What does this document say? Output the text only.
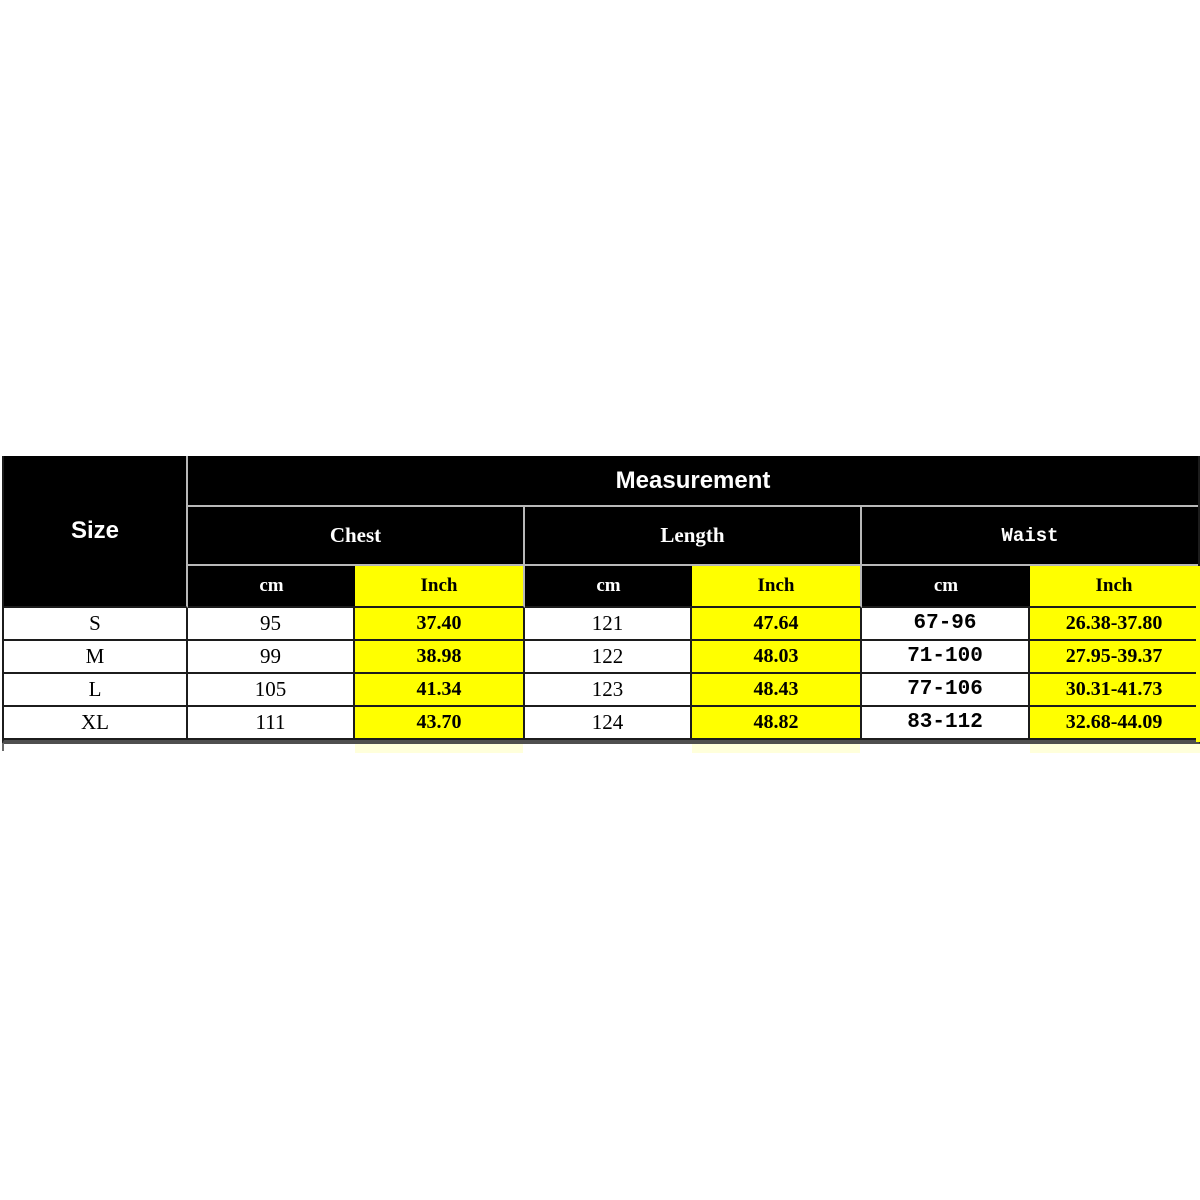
Size	Measurement					
	Chest		Length		Waist	
	cm	Inch	cm	Inch	cm	Inch
S	95	37.40	121	47.64	67-96	26.38-37.80
M	99	38.98	122	48.03	71-100	27.95-39.37
L	105	41.34	123	48.43	77-106	30.31-41.73
XL	111	43.70	124	48.82	83-112	32.68-44.09
